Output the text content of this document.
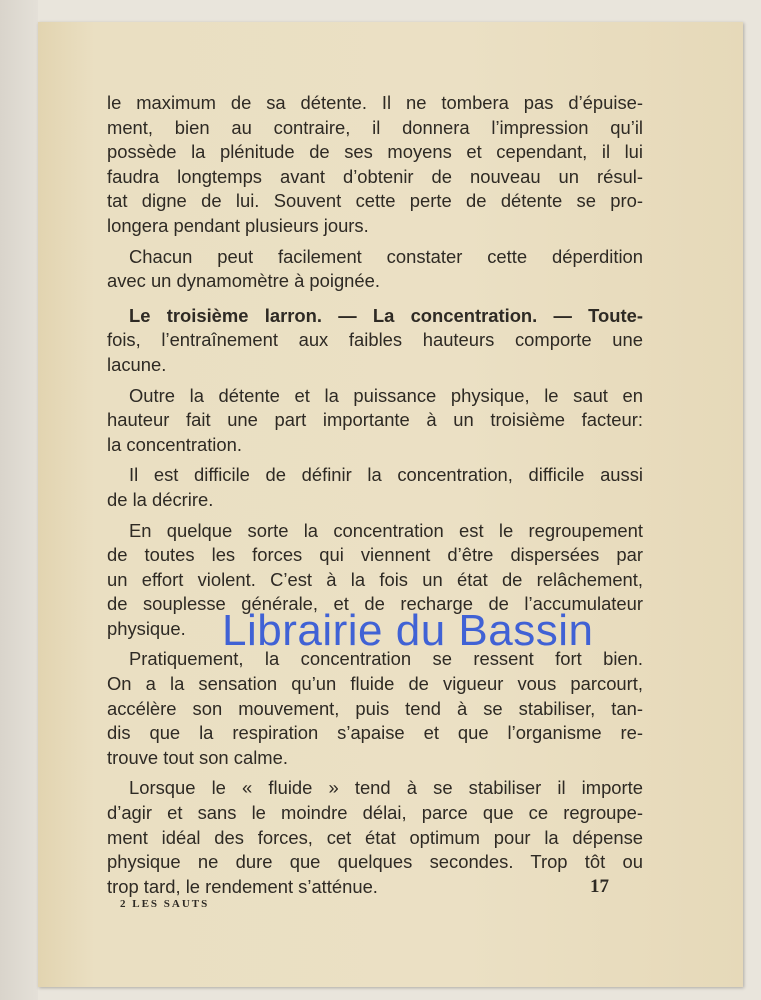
le maximum de sa détente. Il ne tombera pas d’épuise-
ment, bien au contraire, il donnera l’impression qu’il
possède la plénitude de ses moyens et cependant, il lui
faudra longtemps avant d’obtenir de nouveau un résul-
tat digne de lui. Souvent cette perte de détente se pro-
longera pendant plusieurs jours.
Chacun peut facilement constater cette déperdition
avec un dynamomètre à poignée.
Le troisième larron. — La concentration. — Toute-
fois, l’entraînement aux faibles hauteurs comporte une
lacune.
Outre la détente et la puissance physique, le saut en
hauteur fait une part importante à un troisième facteur:
la concentration.
Il est difficile de définir la concentration, difficile aussi
de la décrire.
En quelque sorte la concentration est le regroupement
de toutes les forces qui viennent d’être dispersées par
un effort violent. C’est à la fois un état de relâchement,
de souplesse générale, et de recharge de l’accumulateur
physique.
Pratiquement, la concentration se ressent fort bien.
On a la sensation qu’un fluide de vigueur vous parcourt,
accélère son mouvement, puis tend à se stabiliser, tan-
dis que la respiration s’apaise et que l’organisme re-
trouve tout son calme.
Lorsque le « fluide » tend à se stabiliser il importe
d’agir et sans le moindre délai, parce que ce regroupe-
ment idéal des forces, cet état optimum pour la dépense
physique ne dure que quelques secondes. Trop tôt ou
trop tard, le rendement s’atténue.	17
2 LES SAUTS
Librairie du Bassin
